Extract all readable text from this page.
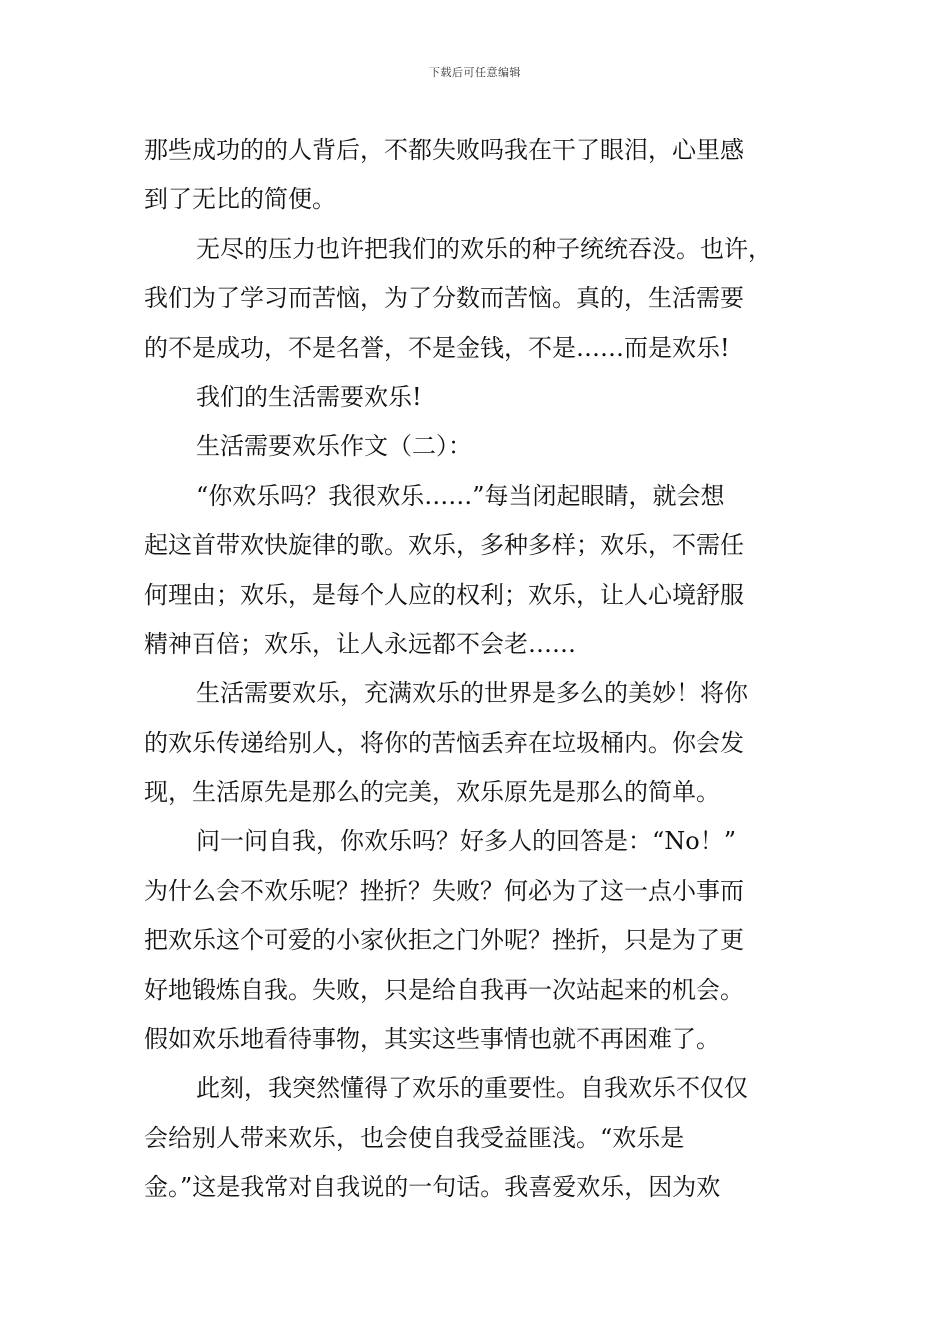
下载后可任意编辑
那些成功的的人背后，不都失败吗我在干了眼泪，心里感
到了无比的简便。
无尽的压力也许把我们的欢乐的种子统统吞没。也许，
我们为了学习而苦恼，为了分数而苦恼。真的，生活需要
的不是成功，不是名誉，不是金钱，不是……而是欢乐!
我们的生活需要欢乐!
生活需要欢乐作文（二）：
“你欢乐吗？我很欢乐……”每当闭起眼睛，就会想
起这首带欢快旋律的歌。欢乐，多种多样；欢乐，不需任
何理由；欢乐，是每个人应的权利；欢乐，让人心境舒服
精神百倍；欢乐，让人永远都不会老……
生活需要欢乐，充满欢乐的世界是多么的美妙！将你
的欢乐传递给别人，将你的苦恼丢弃在垃圾桶内。你会发
现，生活原先是那么的完美，欢乐原先是那么的简单。
问一问自我，你欢乐吗？好多人的回答是：“No！”
为什么会不欢乐呢？挫折？失败？何必为了这一点小事而
把欢乐这个可爱的小家伙拒之门外呢？挫折，只是为了更
好地锻炼自我。失败，只是给自我再一次站起来的机会。
假如欢乐地看待事物，其实这些事情也就不再困难了。
此刻，我突然懂得了欢乐的重要性。自我欢乐不仅仅
会给别人带来欢乐，也会使自我受益匪浅。“欢乐是
金。”这是我常对自我说的一句话。我喜爱欢乐，因为欢
